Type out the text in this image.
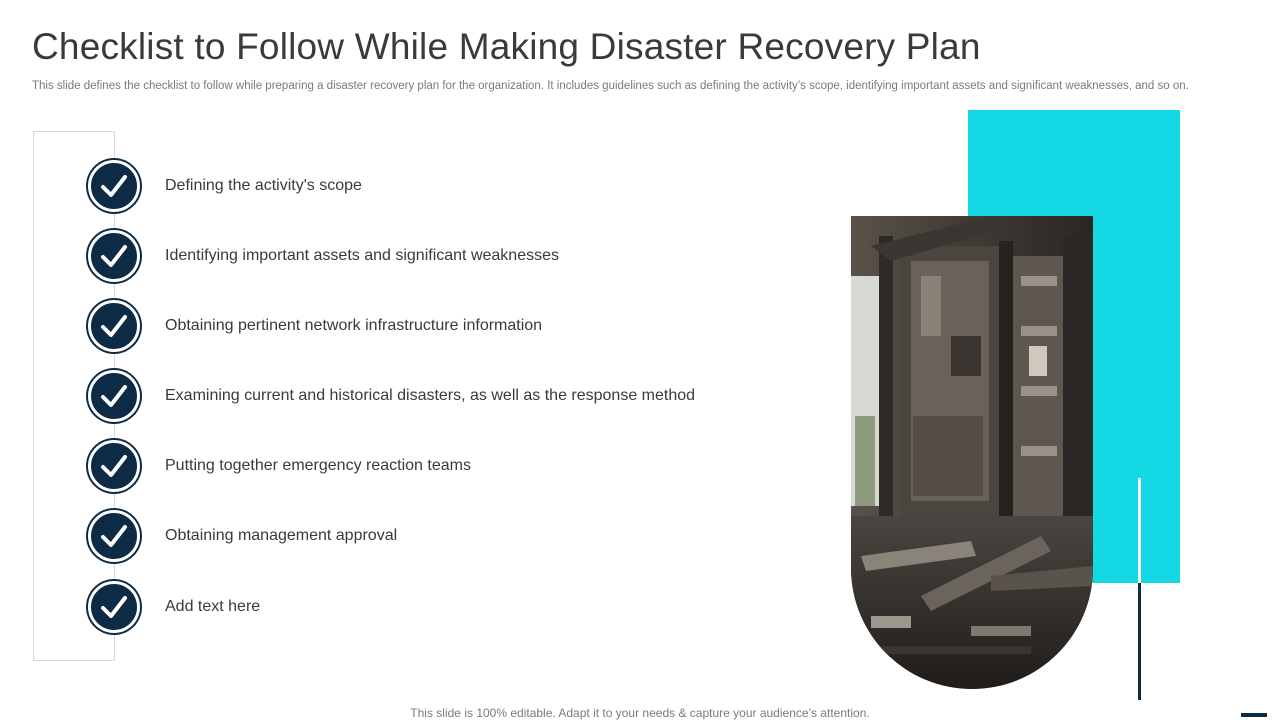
Checklist to Follow While Making Disaster Recovery Plan

This slide defines the checklist to follow while preparing a disaster recovery plan for the organization. It includes guidelines such as defining the activity’s scope, identifying important assets and significant weaknesses, and so on.

Defining the activity's scope
Identifying important assets and significant weaknesses
Obtaining pertinent network infrastructure information
Examining current and historical disasters, as well as the response method
Putting together emergency reaction teams
Obtaining management approval
Add text here

This slide is 100% editable. Adapt it to your needs & capture your audience’s attention.
